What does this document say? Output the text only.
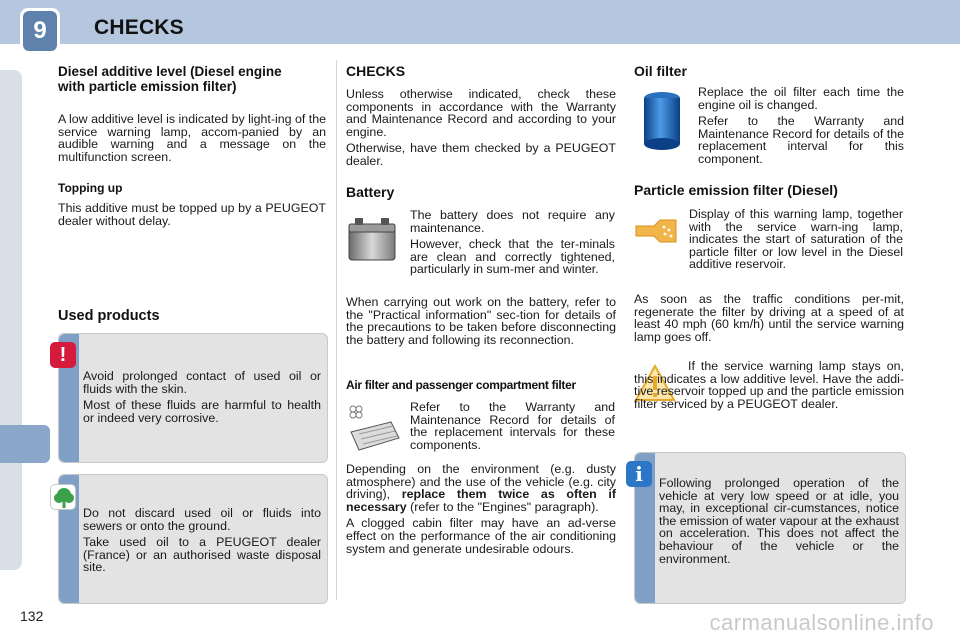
9	CHECKS
Diesel additive level (Diesel engine with particle emission filter)

A low additive level is indicated by light-ing of the service warning lamp, accom-panied by an audible warning and a message on the multifunction screen.

Topping up

This additive must be topped up by a PEUGEOT dealer without delay.

Used products

Avoid prolonged contact of used oil or fluids with the skin.

Most of these fluids are harmful to health or indeed very corrosive.

!

Do not discard used oil or fluids into sewers or onto the ground.

Take used oil to a PEUGEOT dealer (France) or an authorised waste disposal site.

CHECKS

Unless otherwise indicated, check these components in accordance with the Warranty and Maintenance Record and according to your engine.

Otherwise, have them checked by a PEUGEOT dealer.

Battery

The battery does not require any maintenance.

However, check that the ter-minals are clean and correctly tightened, particularly in sum-mer and winter.

When carrying out work on the battery, refer to the "Practical information" sec-tion for details of the precautions to be taken before disconnecting the battery and following its reconnection.

Air filter and passenger compartment filter

Refer to the Warranty and Maintenance Record for details of the replacement intervals for these components.

Depending on the environment (e.g. dusty atmosphere) and the use of the vehicle (e.g. city driving), replace them twice as often if necessary (refer to the "Engines" paragraph).

A clogged cabin filter may have an ad-verse effect on the performance of the air conditioning system and generate undesirable odours.

Oil filter

Replace the oil filter each time the engine oil is changed.

Refer to the Warranty and Maintenance Record for details of the replacement interval for this component.

Particle emission filter (Diesel)

Display of this warning lamp, together with the service warn-ing lamp, indicates the start of saturation of the particle filter or low level in the Diesel additive reservoir.

As soon as the traffic conditions per-mit, regenerate the filter by driving at a speed of at least 40 mph (60 km/h) until the service warning lamp goes off.

If the service warning lamp stays on, this indicates a low additive level. Have the addi-tive reservoir topped up and the particle emission filter serviced by a PEUGEOT dealer.

Following prolonged operation of the vehicle at very low speed or at idle, you may, in exceptional cir-cumstances, notice the emission of water vapour at the exhaust on acceleration. This does not affect the behaviour of the vehicle or the environment.

i
132	carmanualsonline.info
